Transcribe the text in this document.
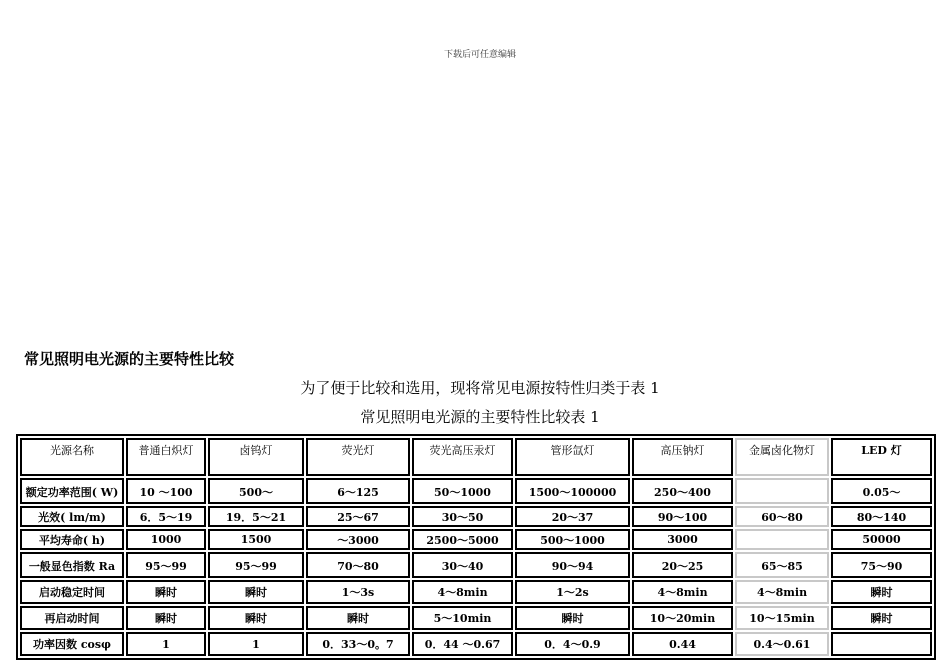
下载后可任意编辑
常见照明电光源的主要特性比较
为了便于比较和选用，现将常见电源按特性归类于表 1
常见照明电光源的主要特性比较表 1
光源名称	普通白炽灯	卤钨灯	荧光灯	荧光高压汞灯	管形氙灯	高压钠灯	金属卤化物灯	LED 灯
额定功率范围( W)	10 ～100	500～	6～125	50～1000	1500～100000	250～400		0.05～
光效( lm/m)	6．5～19	19．5～21	25～67	30～50	20～37	90～100	60～80	80～140
平均寿命( h)	1000	1500	～3000	2500～5000	500～1000	3000		50000
一般显色指数 Ra	95～99	95～99	70～80	30～40	90～94	20～25	65～85	75～90
启动稳定时间	瞬时	瞬时	1～3s	4～8min	1～2s	4～8min	4～8min	瞬时
再启动时间	瞬时	瞬时	瞬时	5～10min	瞬时	10～20min	10～15min	瞬时
功率因数 cosφ	1	1	0．33～0。7	0．44 ～0.67	0．4～0.9	0.44	0.4～0.61	
